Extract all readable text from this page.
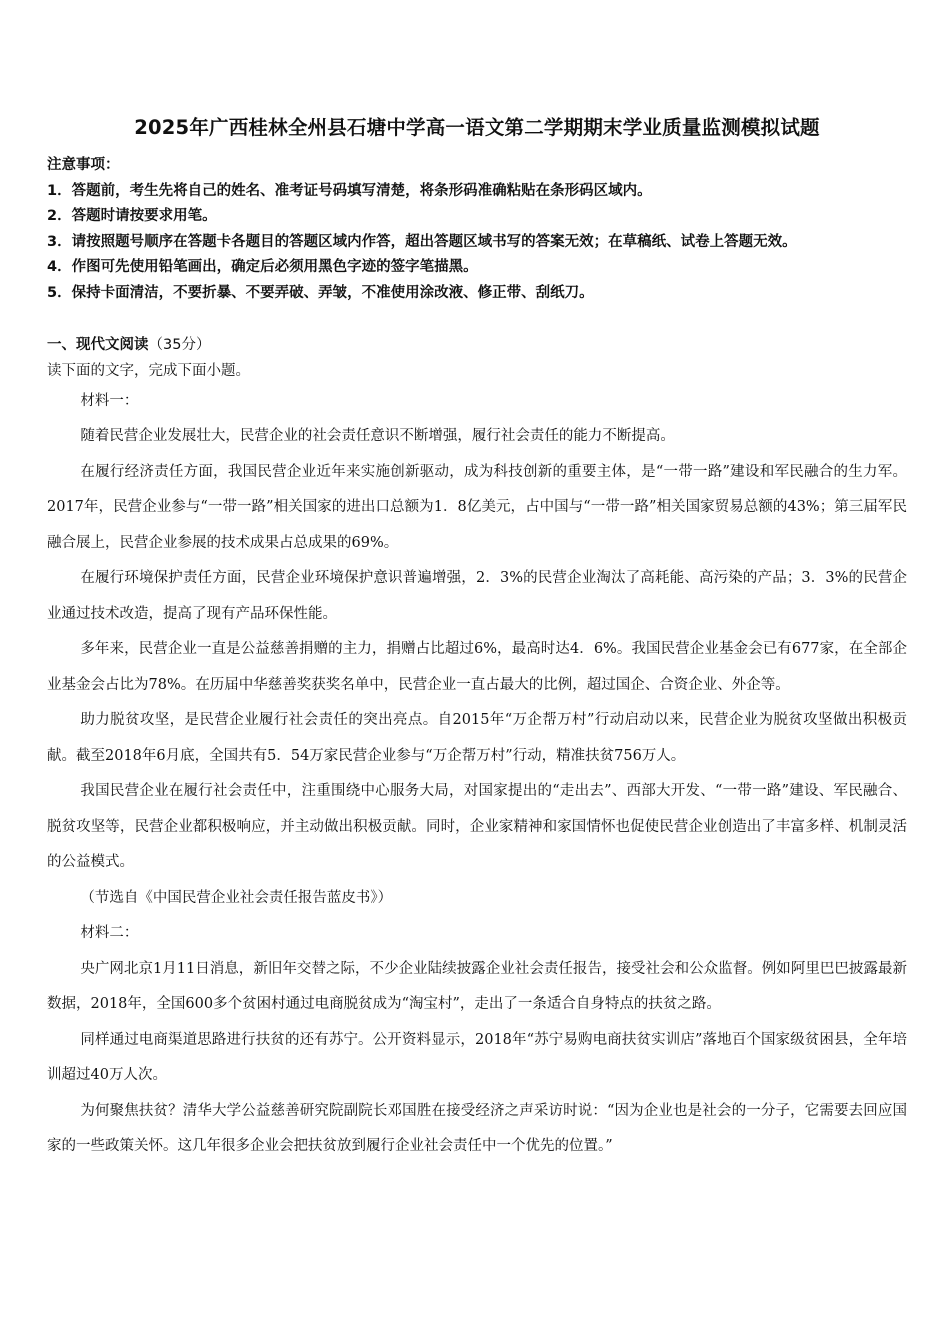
2025年广西桂林全州县石塘中学高一语文第二学期期末学业质量监测模拟试题
注意事项：
1．答题前，考生先将自己的姓名、准考证号码填写清楚，将条形码准确粘贴在条形码区域内。
2．答题时请按要求用笔。
3．请按照题号顺序在答题卡各题目的答题区域内作答，超出答题区域书写的答案无效；在草稿纸、试卷上答题无效。
4．作图可先使用铅笔画出，确定后必须用黑色字迹的签字笔描黑。
5．保持卡面清洁，不要折暴、不要弄破、弄皱，不准使用涂改液、修正带、刮纸刀。
一、现代文阅读（35分）
读下面的文字，完成下面小题。

材料一：

随着民营企业发展壮大，民营企业的社会责任意识不断增强，履行社会责任的能力不断提高。

在履行经济责任方面，我国民营企业近年来实施创新驱动，成为科技创新的重要主体，是“一带一路”建设和军民融合的生力军。2017年，民营企业参与“一带一路”相关国家的进出口总额为1．8亿美元，占中国与“一带一路”相关国家贸易总额的43%；第三届军民融合展上，民营企业参展的技术成果占总成果的69%。

在履行环境保护责任方面，民营企业环境保护意识普遍增强，2．3%的民营企业淘汰了高耗能、高污染的产品；3．3%的民营企业通过技术改造，提高了现有产品环保性能。

多年来，民营企业一直是公益慈善捐赠的主力，捐赠占比超过6%，最高时达4．6%。我国民营企业基金会已有677家，在全部企业基金会占比为78%。在历届中华慈善奖获奖名单中，民营企业一直占最大的比例，超过国企、合资企业、外企等。

助力脱贫攻坚，是民营企业履行社会责任的突出亮点。自2015年“万企帮万村”行动启动以来，民营企业为脱贫攻坚做出积极贡献。截至2018年6月底，全国共有5．54万家民营企业参与“万企帮万村”行动，精准扶贫756万人。

我国民营企业在履行社会责任中，注重围绕中心服务大局，对国家提出的“走出去”、西部大开发、“一带一路”建设、军民融合、脱贫攻坚等，民营企业都积极响应，并主动做出积极贡献。同时，企业家精神和家国情怀也促使民营企业创造出了丰富多样、机制灵活的公益模式。

（节选自《中国民营企业社会责任报告蓝皮书》）

材料二：

央广网北京1月11日消息，新旧年交替之际，不少企业陆续披露企业社会责任报告，接受社会和公众监督。例如阿里巴巴披露最新数据，2018年，全国600多个贫困村通过电商脱贫成为“淘宝村”，走出了一条适合自身特点的扶贫之路。

同样通过电商渠道思路进行扶贫的还有苏宁。公开资料显示，2018年“苏宁易购电商扶贫实训店”落地百个国家级贫困县，全年培训超过40万人次。

为何聚焦扶贫？清华大学公益慈善研究院副院长邓国胜在接受经济之声采访时说：“因为企业也是社会的一分子，它需要去回应国家的一些政策关怀。这几年很多企业会把扶贫放到履行企业社会责任中一个优先的位置。”
